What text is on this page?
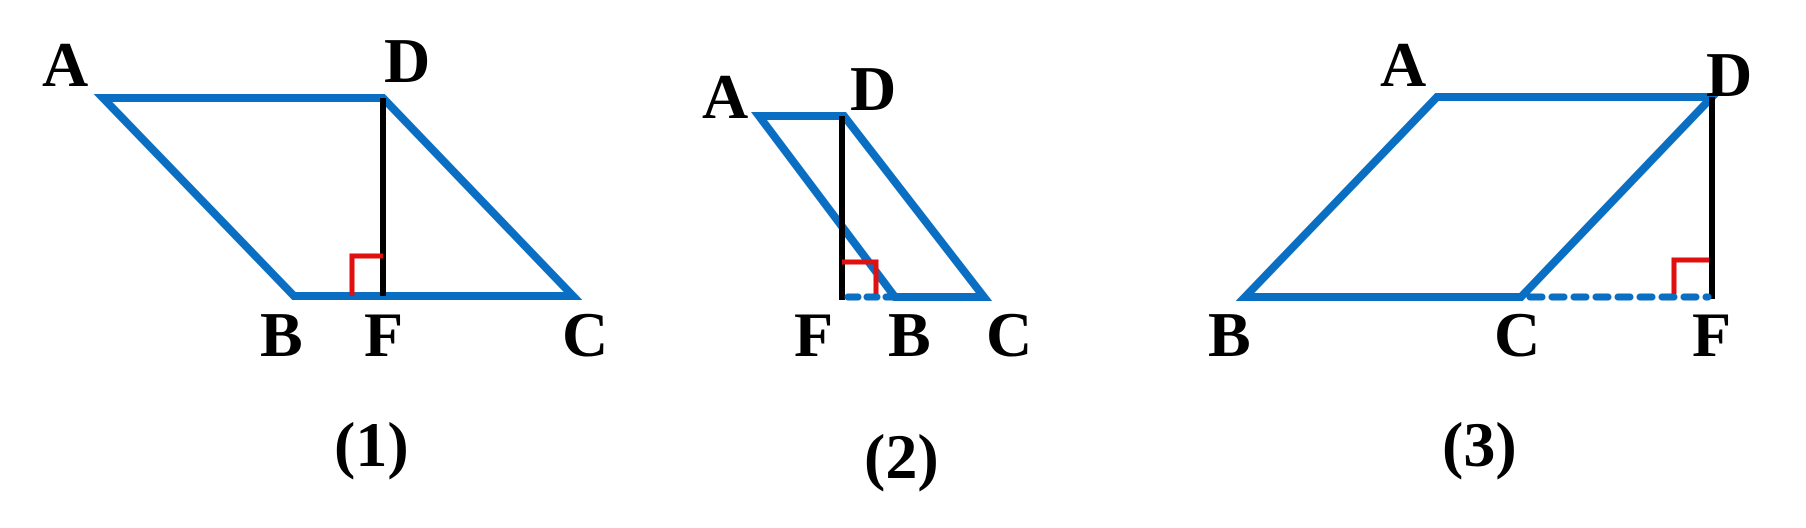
A	D
B F C
(1)
A D
F B C
(2)
A	D
B	C F
(3)
